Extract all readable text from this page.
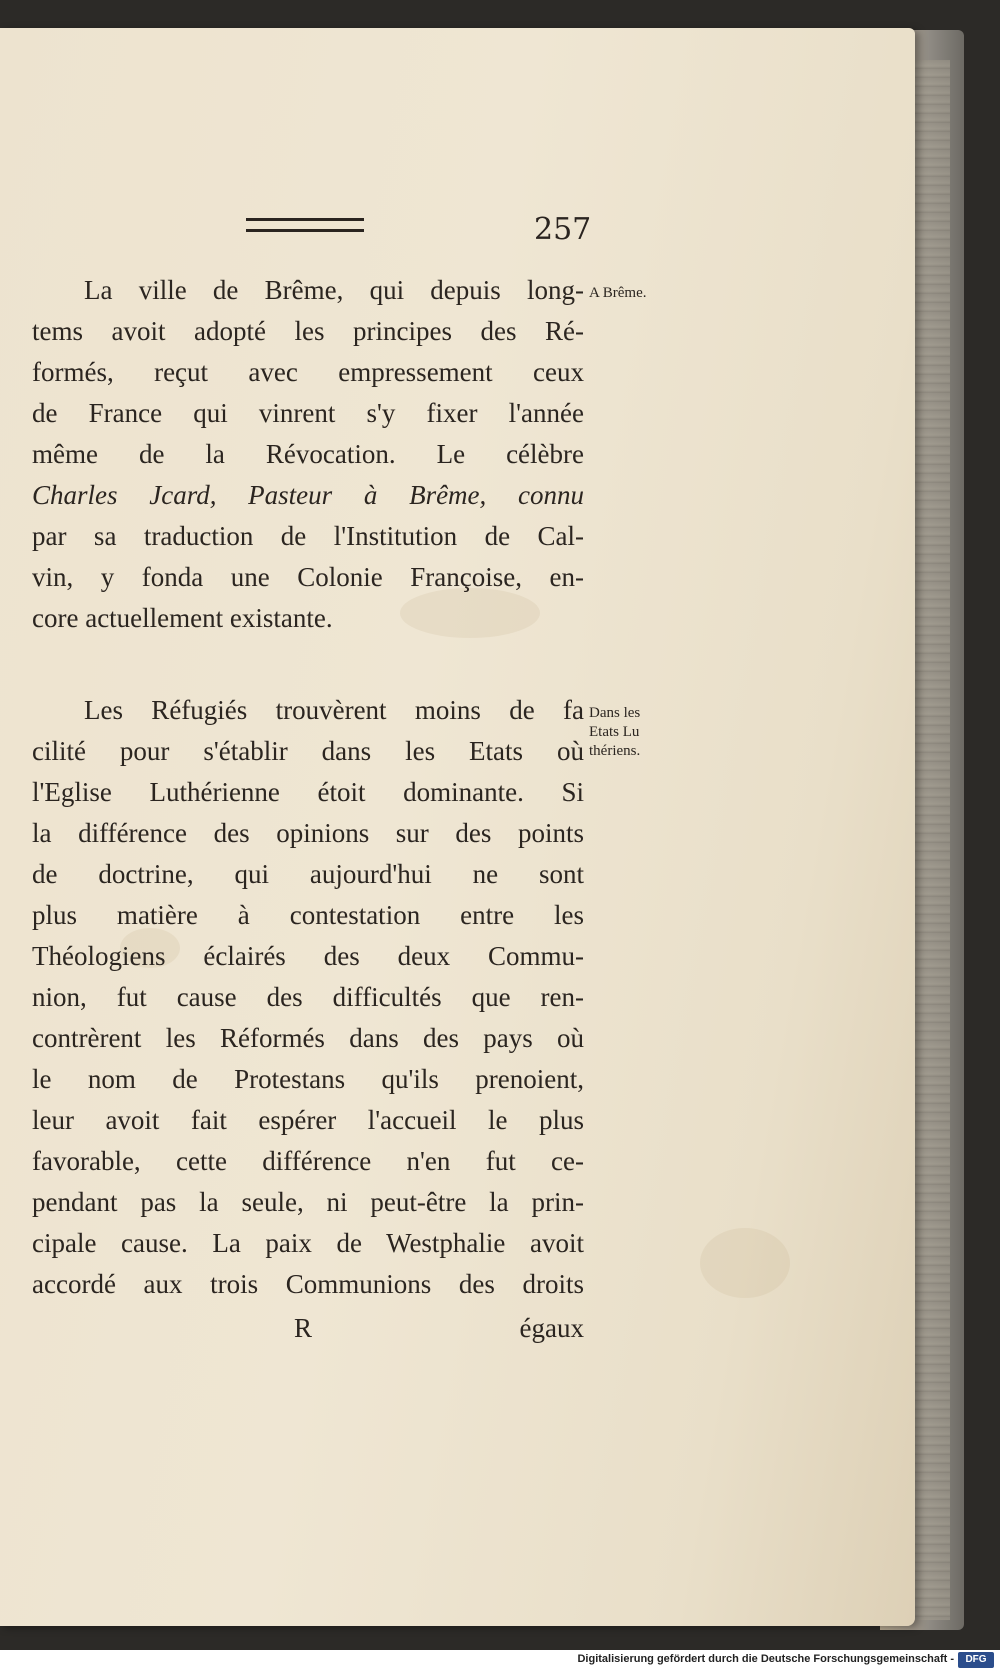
257
La ville de Brême, qui depuis long-
tems avoit adopté les principes des Ré-
formés, reçut avec empressement ceux
de France qui vinrent s'y fixer l'année
même de la Révocation. Le célèbre
Charles Jcard, Pasteur à Brême, connu
par sa traduction de l'Institution de Cal-
vin, y fonda une Colonie Françoise, en-
core actuellement existante.
A Brême.
Les Réfugiés trouvèrent moins de fa
cilité pour s'établir dans les Etats où
l'Eglise Luthérienne étoit dominante. Si
la différence des opinions sur des points
de doctrine, qui aujourd'hui ne sont
plus matière à contestation entre les
Théologiens éclairés des deux Commu-
nion, fut cause des difficultés que ren-
contrèrent les Réformés dans des pays où
le nom de Protestans qu'ils prenoient,
leur avoit fait espérer l'accueil le plus
favorable, cette différence n'en fut ce-
pendant pas la seule, ni peut-être la prin-
cipale cause. La paix de Westphalie avoit
accordé aux trois Communions des droits
Dans les
Etats Lu
thériens.
R	égaux
Digitalisierung gefördert durch die Deutsche Forschungsgemeinschaft -	DFG
